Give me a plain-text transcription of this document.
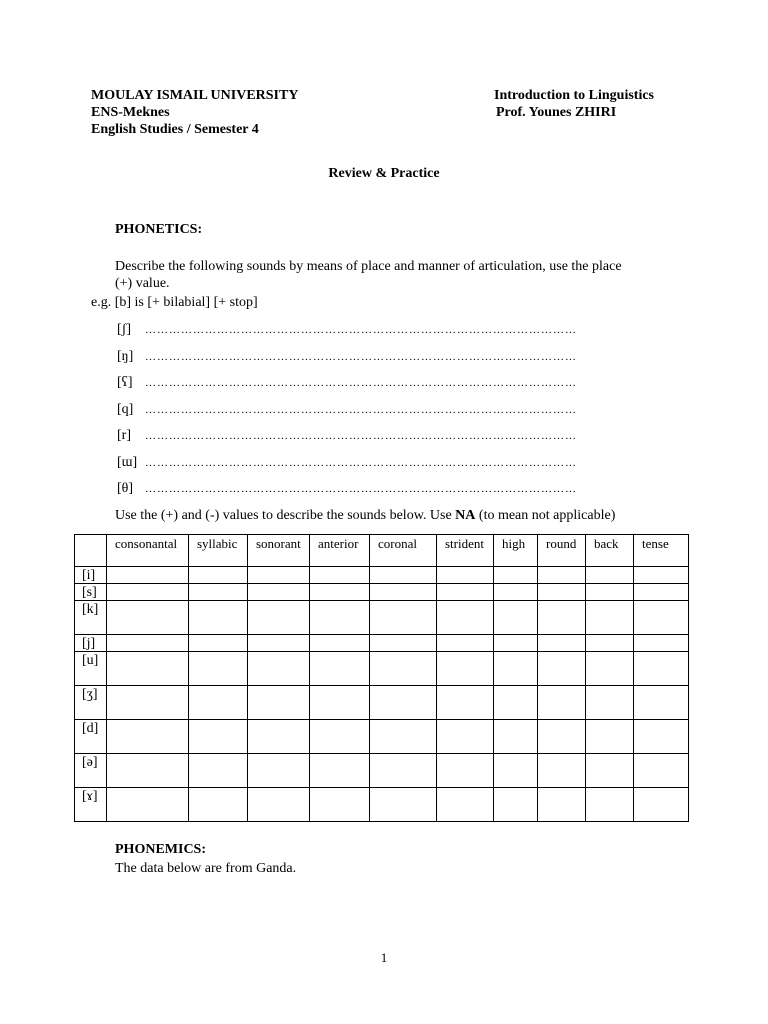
MOULAY ISMAIL UNIVERSITY
ENS-Meknes
English Studies / Semester 4
Introduction to Linguistics
Prof. Younes ZHIRI
Review & Practice
PHONETICS:
Describe the following sounds by means of place and manner of articulation, use the place
(+) value.
e.g. [b] is [+ bilabial] [+ stop]
[ʃ]	………………………………………………………………………………………………
[ŋ]	………………………………………………………………………………………………
[ʕ]	………………………………………………………………………………………………
[q]	………………………………………………………………………………………………
[r]	………………………………………………………………………………………………
[ɯ] ………………………………………………………………………………………………
[θ]	………………………………………………………………………………………………
Use the (+) and (-) values to describe the sounds below. Use NA (to mean not applicable)
	consonantal	syllabic	sonorant	anterior	coronal	strident	high	round	back	tense
[i]										
[s]										
[k]										
[j]										
[u]										
[ʒ]										
[d]										
[ə]										
[ɤ]										
PHONEMICS:
The data below are from Ganda.
1
